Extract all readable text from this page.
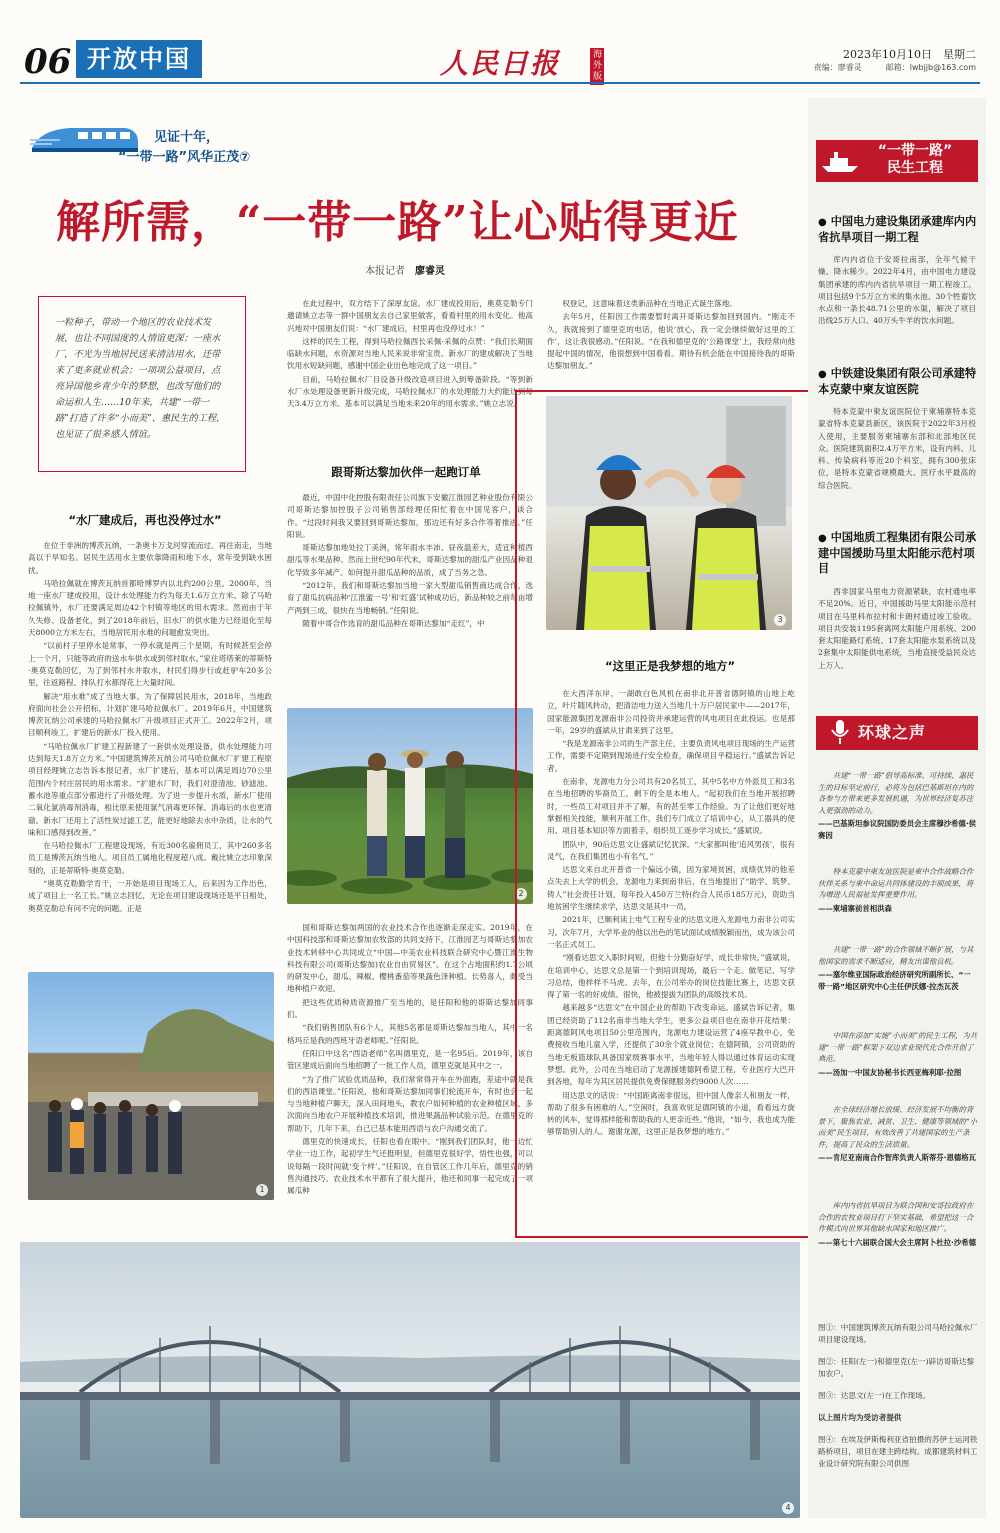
06 开放中国	人民日报	海外版
2023年10月10日　星期二
责编：廖睿灵　　　邮箱：lwbjjb@163.com
见证十年，
“一带一路”风华正茂⑦
解所需，“一带一路”让心贴得更近
本报记者 廖睿灵
一粒种子，带动一个地区的农业技术发展，也让不同国度的人情谊更深；一座水厂，不光为当地居民送来清洁用水，还带来了更多就业机会；一项项公益项目，点亮异国他乡青少年的梦想，也改写他们的命运和人生……10年来，共建“一带一路”打造了许多“小而美”、惠民生的工程，也见证了很多感人情谊。
“水厂建成后，再也没停过水”

在位于非洲的博茨瓦纳，一条奥卡万戈河穿流而过。再往南走，当地高以干旱知名。居民生活用水主要依靠降雨和地下水，常年受到缺水困扰。

马哈拉佩就在博茨瓦纳首都哈博罗内以北约200公里。2000年，当地一座水厂建成投用，设计水处理能力约为每天1.6万立方米。除了马哈拉佩镇外，水厂还要满足周边42个村镇等地区的用水需求。然而由于年久失修、设备老化，到了2018年前后，旧水厂的供水能力已经退化至每天8000立方米左右，当地居民用水难的问题愈发突出。

“以前村子里停水是常事，一停水就是两三个星期，有时候甚至会停上一个月，只能等政府的送水车供水或到邻村取水。”家住塔塔莱的蒂斯特·奥莫克勒回忆，为了到邻村水井取水，村民们得步行或赶驴车20多公里，往返路程、排队打水都得花上大量时间。

解决“用水难”成了当地大事。为了保障居民用水，2018年，当地政府面向社会公开招标，计划扩建马哈拉佩水厂。2019年6月，中国建筑博茨瓦纳公司承建的马哈拉佩水厂升级项目正式开工。2022年2月，项目顺利竣工，扩建后的新水厂投入使用。

“马哈拉佩水厂扩建工程新建了一套供水处理设备，供水处理能力可达到每天1.8万立方米。”中国建筑博茨瓦纳公司马哈拉佩水厂扩建工程原项目经理姚立志告诉本报记者，水厂扩建后，基本可以满足周边70公里范围内个村庄居民的用水需求。“扩建水厂时，我们对澄清池、砂滤池、蓄水池等重点部分都进行了升级处理。为了进一步提升水质，新水厂使用二氧化氯消毒剂消毒，相比原来使用氯气消毒更环保、消毒后的水也更清澈。新水厂还用上了活性炭过滤工艺，能更好地除去水中杂质，让水的气味和口感得到改善。”

在马哈拉佩水厂工程建设现场，有近300名雇佣员工，其中260多名员工是博茨瓦纳当地人。项目员工属地化程度超八成。戴比姚立志印象深刻的，正是蒂斯特·奥莫克勒。

“奥莫克勒勤学肯干，一开始是项目现场工人，后来因为工作出色，成了项目上一名工长。”姚立志回忆，无论在项目建设现场还是平日相处，奥莫克勒总有问不完的问题。正是

1

在此过程中，双方结下了深厚友谊。水厂建成投用后，奥莫克勒专门邀请姚立志等一群中国朋友去自己家里做客，看看村里的用水变化。他高兴地对中国朋友们说：“水厂建成后，村里再也没停过水！”

这样的民生工程，得到马哈拉佩西长采佩·采佩的点赞：“我们长期面临缺水问题，水资源对当地人民来说非常宝贵。新水厂的建成解决了当地饮用水短缺问题，感谢中国企业出色地完成了这一项目。”

目前，马哈拉佩水厂目设备升级改造项目进入到筹备阶段。“等到新水厂水处理设备更新升级完成，马哈拉佩水厂的水处理能力大约能达到每天3.4万立方米。基本可以满足当地未来20年的用水需求。”姚立志说。

跟哥斯达黎加伙伴一起跑订单

最近，中国中化控股有限责任公司旗下安徽江淮园艺种业股份有限公司哥斯达黎加控股子公司销售部经理任阳忙着在中国见客户，谈合作。“过段时间我又要回到哥斯达黎加，那边还有好多合作等着推进。”任阳说。

哥斯达黎加地处拉丁美洲，常年雨水丰沛、昼夜温差大，适宜种植西甜瓜等水果品种。然而上世纪90年代末，哥斯达黎加的甜瓜产业因品种退化导致多年减产。如何提升甜瓜品种的品质，成了当务之急。

“2012年，我们和哥斯达黎加当地一家大型甜瓜销售商达成合作，选育了甜瓜抗病品种‘江淮蜜一号’和‘红盛’试种成功后，新品种较之前每亩增产两到三成，很快在当地畅销。”任阳说。

随着中哥合作选育的甜瓜品种在哥斯达黎加“走红”，中

2

国和哥斯达黎加两国的农业技术合作也逐渐走深走实。2019年，在中国科技部和哥斯达黎加农牧部的共同支持下，江淮园艺与哥斯达黎加农业技术转移中心共同成立“中国—中美农业科技联合研究中心暨江淮生物科技有限公司(哥斯达黎加)农业自由贸易区”。在这个占地面积约1.7公顷的研发中心，甜瓜、辣椒、樱桃番茄等果蔬色泽种植、长势喜人，颇受当地种植户欢迎。

把这些优质种质资源推广至当地的，是任阳和他的哥斯达黎加同事们。

“我们销售团队有6个人，其他5名都是哥斯达黎加当地人，其中一名格玛丘是我的西班牙语老师呢。”任阳说。

任阳口中这名“西语老师”名叫德里克，是一名95后。2019年，该自管区建成后面向当地招聘了一批工作人员，德里克就是其中之一。

“为了推广试验优质品种，我们常常得开车在外面跑，差途中就是我们的西语课堂。”任阳说，他和哥斯达黎加同事们轮流开车，有时也会一起与当地种植户聊天，深入田间地头，教农户如何种植的农业种植区域，多次面向当地农户开展种植技术培训，推进果蔬品种试验示范。在德里克的帮助下，几年下来，自己已基本能用西语与农户沟通交流了。

德里克的快速成长，任阳也看在眼中。“刚到我们团队时，他一边忙学业一边工作，起初学生气还挺明显，但德里克很好学，悟性也强，可以说每隔一段时间就‘变个样’。”任阳说，在自管区工作几年后，德里克的销售沟通技巧、农业技术水平都有了很大提升，他还和同事一起完成了一项属瓜种

权登记，这意味着这类新品种在当地正式诞生落地。

去年5月，任阳因工作需要暂时离开哥斯达黎加回到国内。“刚走不久，我就接到了德里克的电话，他说‘放心，我一定会继续做好这里的工作’，这让我很感动。”任阳说。“在我和德里克的‘公路课堂’上，我经常向他提起中国的情况，他很想到中国看看。期待有机会能在中国接待我的哥斯达黎加朋友。”

3
“这里正是我梦想的地方”

在大西洋东岸、一湖敢白色风机在南非北开普省德阿镇的山地上屹立，叶片随风转动，把清洁电力送入当地几十万户居民家中——2017年，国家能源集团龙源南非公司投资并承建运营的风电项目在此投运。也是那一年，29岁的盛斌从甘肃来到了这里。

“我是龙源南非公司的生产部主任，主要负责风电项目现场的生产运营工作，需要不定期到现场进行安全检查，确保项目平稳运行。”盛斌告诉记者。

在南非，龙源电力分公司共有20名员工，其中5名中方外派员工和3名在当地招聘的华裔员工，剩下的全是本地人。“起初我们在当地开展招聘时，一些员工对项目并不了解，有的甚至零工作经验。为了让他们更好地掌握相关技能，顺利开展工作，我们专门成立了培训中心，从工器具的使用、项目基本知识等方面着手，组织员工逐步学习成长。”盛斌说。

团队中，90后达思文让盛斌记忆犹深。“大家都叫他‘追风男孩’，很有灵气，在我们集团也小有名气。”

达思文来自北开普省一个偏远小镇，因为家境贫困，成绩优异的他差点失去上大学的机会。龙源电力来到南非后，在当地提出了“助学、筑梦、铸人”社会责任计划，每年投入450万兰特(约合人民币185万元)，资助当地贫困学生继续求学，达思文是其中一员。

2021年，已顺利读上电气工程专业的达思文进入龙源电力南非公司实习。次年7月，大学毕业的他以出色的笔试面试成绩脱颖而出，成为该公司一名正式员工。

“刚看达思文入职时间短，但他十分勤奋好学，成长非常快。”盛斌说，在培训中心，达思文总是第一个到培训现场，最后一个走。做笔记、写学习总结，他样样不马虎。去年，在公司举办的岗位技能比赛上，达思文获得了第一名的好成绩。很快，他被提拔为团队的高级技术员。

越来越多“达思文”在中国企业的帮助下改变命运。盛斌告诉记者，集团已经资助了112名南非当地大学生，更多公益项目也在南非开花结果：距离德阿风电项目50公里范围内，龙源电力建设运营了4座早教中心，免费接收当地儿童入学，还提供了30余个就业岗位；在德阿镇，公司资助的当地无板篮球队具备国家级赛事水平，当地年轻人得以通过体育运动实现梦想。此外，公司在当地启动了龙源援建德阿希望工程，专业医疗大巴开到各地，每年为其区居民提供免费保健服务约9000人次……

用达思文的话说：“中国距离南非很远，但中国人像亲人和朋友一样，帮助了很多有困难的人。”空闲时，我喜欢驻足德阿镇的小道，看看远方旋转的风车，觉得那样能和帮助我的人更亲近些。”他说，“如今，我也成为能够帮助别人的人。谢谢龙源，这里正是我梦想的地方。”

4
“一带一路”
民生工程
● 中国电力建设集团承建库内内省抗旱项目一期工程

库内内省位于安哥拉南部，全年气候干燥、降水稀少。2022年4月，由中国电力建设集团承建的库内内省抗旱项目一期工程竣工。项目包括9个5万立方米的集水池、30个牲畜饮水点和一条长48.71公里的水渠，解决了项目沿线25万人口、40万头牛羊的饮水问题。

● 中铁建设集团有限公司承建特本克蒙中柬友谊医院

特本克蒙中柬友谊医院位于柬埔寨特本克蒙省特本克蒙县新区，该医院于2022年3月投入使用，主要服务柬埔寨东部和北部地区民众。医院建筑面积2.4万平方米，设有内科、儿科、传染病科等近20个科室，拥有300张床位，是特本克蒙省规模最大、医疗水平最高的综合医院。

● 中国地质工程集团有限公司承建中国援助马里太阳能示范村项目

西非国家马里电力资源紧缺，农村通电率不足20%。近日，中国援助马里太阳能示范村项目在马里科布拉村和卡朗村通过竣工验收。项目共安装1195套离网太阳能户用系统、200套太阳能路灯系统、17套太阳能水泵系统以及2套集中太阳能供电系统，当地直接受益民众达上万人。

环球之声

共建“一带一路”倡导高标准、可持续、惠民生的目标坚定前行，必将为包括巴基斯坦在内的各参与方带来更多发展机遇，为世界经济复苏注入更强劲的动力。

——巴基斯坦参议院国防委员会主席穆沙希德·侯赛因

特本克蒙中柬友谊医院是柬中合作战略合作伙伴关系与柬中命运共同体建设的丰硕成果，将为增进人民福祉发挥重要作用。

——柬埔寨前首相洪森

共建“一带一路”的合作领域不断扩展，与其他国家的需求不断适应，精友出谋他良机。

——塞尔维亚国际政治经济研究所副所长、“一带一路”地区研究中心主任伊沃娜·拉杰瓦茨

中国在添加“实施”小而美”的民生工程，为共建“一带一路”框架下双边求业现代化合作开创了典范。

——汤加一中国友协秘书长西亚梅利耶·拉图

在全球经济增长放缓、经济发展不均衡的背景下，聚焦农业、减贫、卫生、健康等领域的“小而美”民生项目，有效改善了共建国家的生产条件，提高了民众的生活质量。

——肯尼亚南南合作智库负责人斯蒂芬·恩德格瓦

库内内省抗旱项目为联合国和安哥拉政府在合作的农牧业项目打下坚实基础，希望把这一合作模式向世界其他缺水国家和地区推广。

——第七十六届联合国大会主席阿卜杜拉·沙希德

图①：中国建筑博茨瓦纳有限公司马哈拉佩水厂项目建设现场。

图②：任阳(左一)和德里克(左一)辟访哥斯达黎加农户。

图③：达思文(左一)在工作现场。

以上图片均为受访者提供

图④：在埃及伊斯梅利亚省拍摄的苏伊士运河铁路桥项目，项目在建主跨结构。成都建筑材料工业设计研究院有限公司供图
